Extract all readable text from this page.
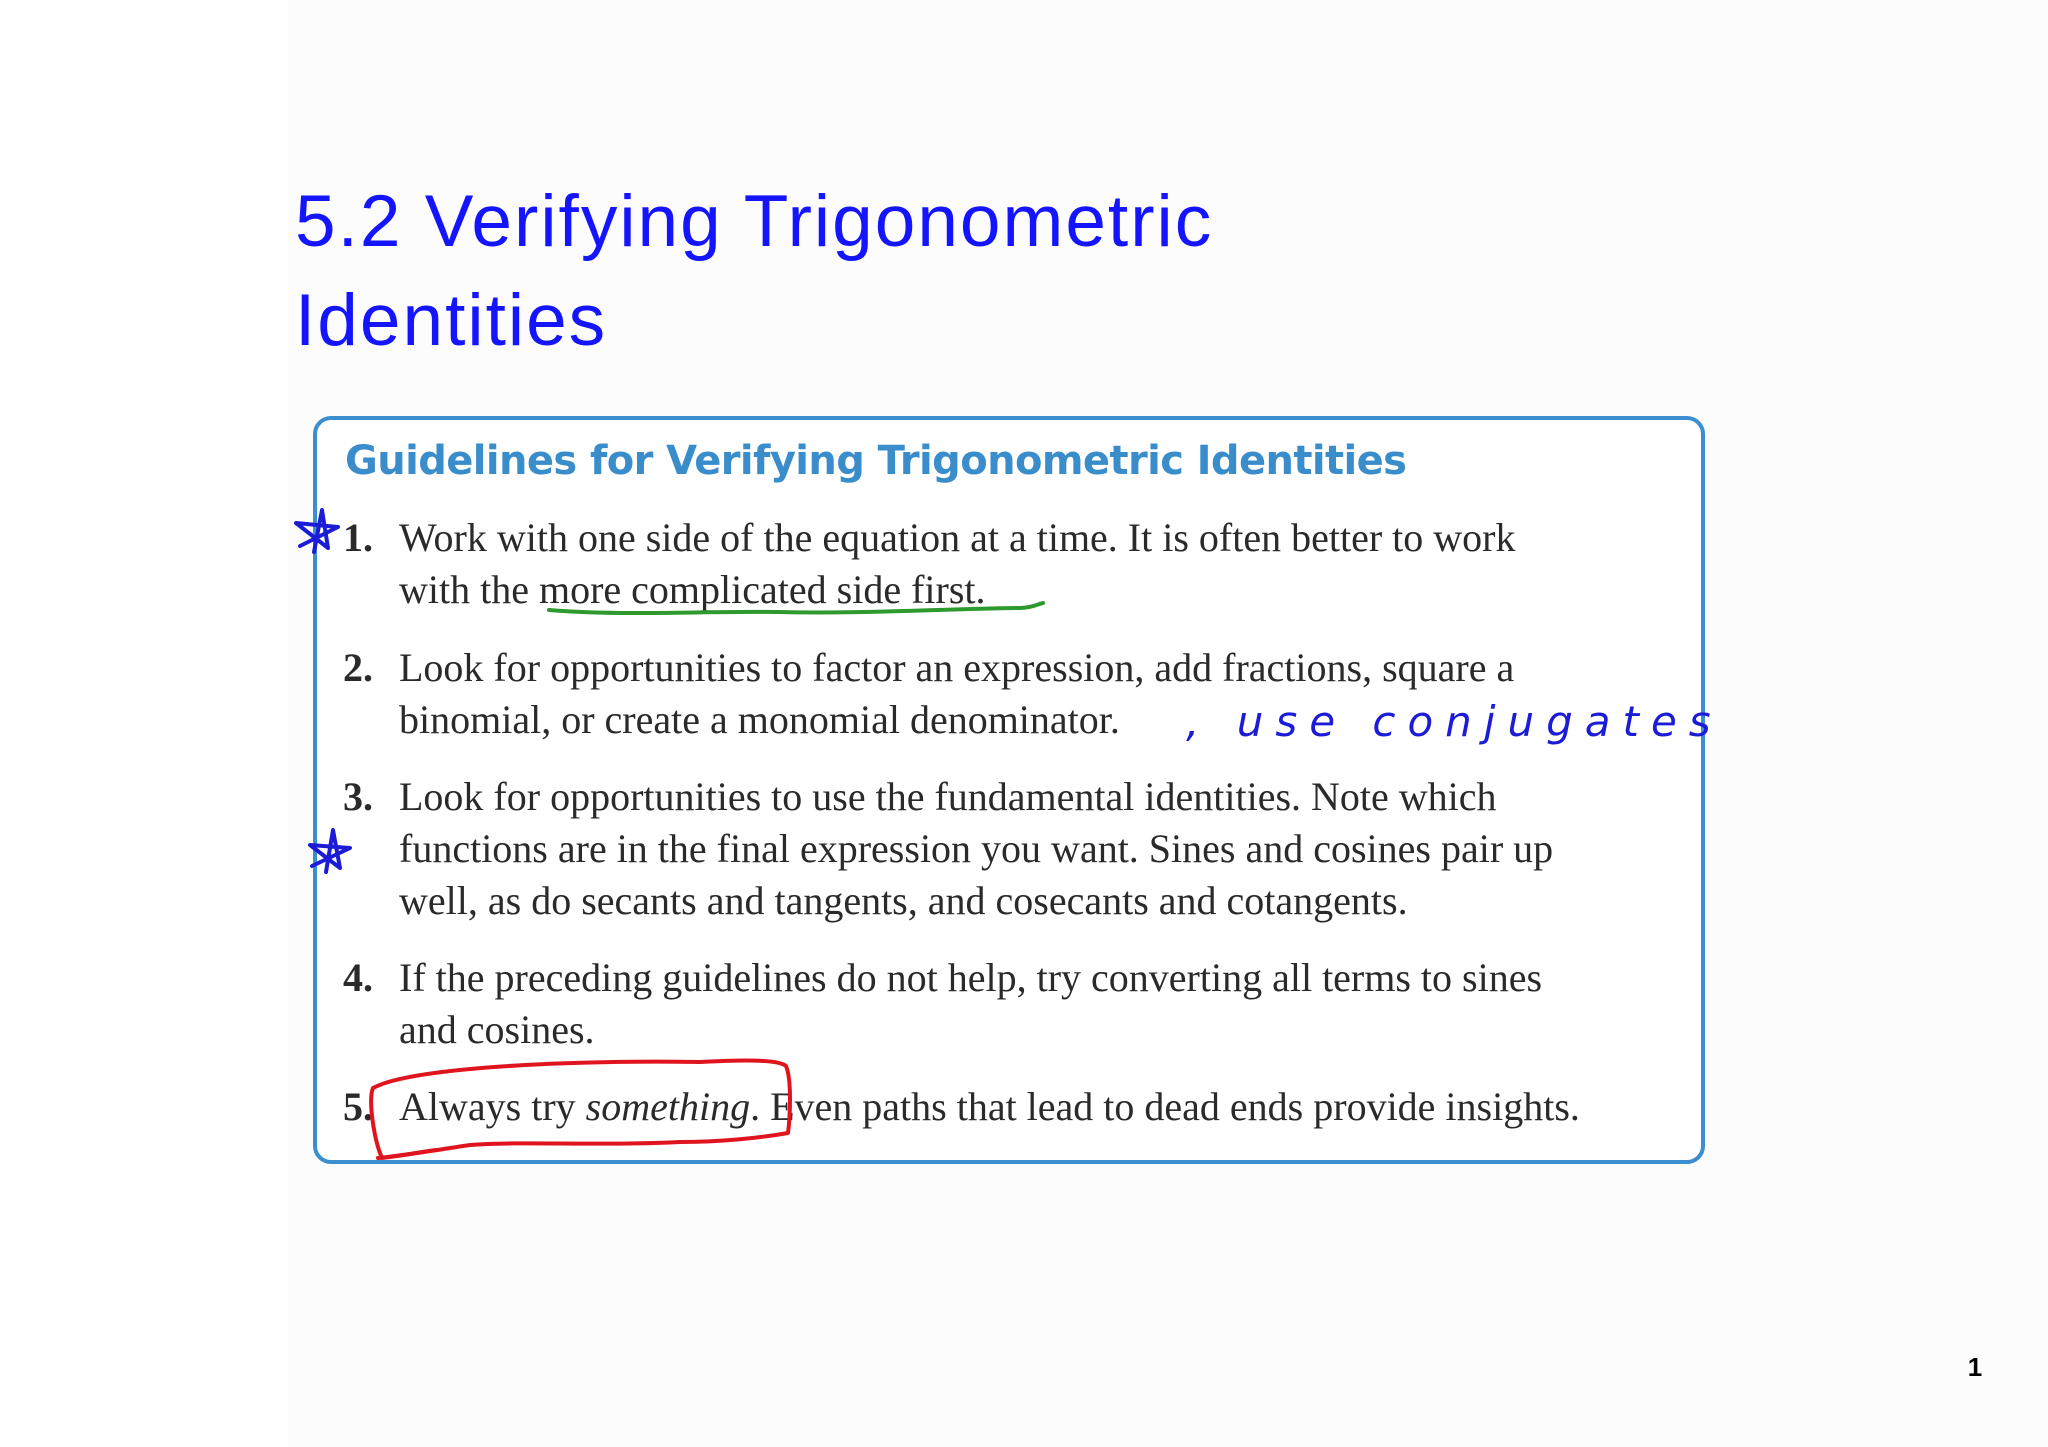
5.2 Verifying Trigonometric
Identities
Guidelines for Verifying Trigonometric Identities
1. Work with one side of the equation at a time. It is often better to work
with the more complicated side first.
2. Look for opportunities to factor an expression, add fractions, square a
binomial, or create a monomial denominator.
3. Look for opportunities to use the fundamental identities. Note which
functions are in the final expression you want. Sines and cosines pair up
well, as do secants and tangents, and cosecants and cotangents.
4. If the preceding guidelines do not help, try converting all terms to sines
and cosines.
5. Always try something. Even paths that lead to dead ends provide insights.
, use conjugates
1
